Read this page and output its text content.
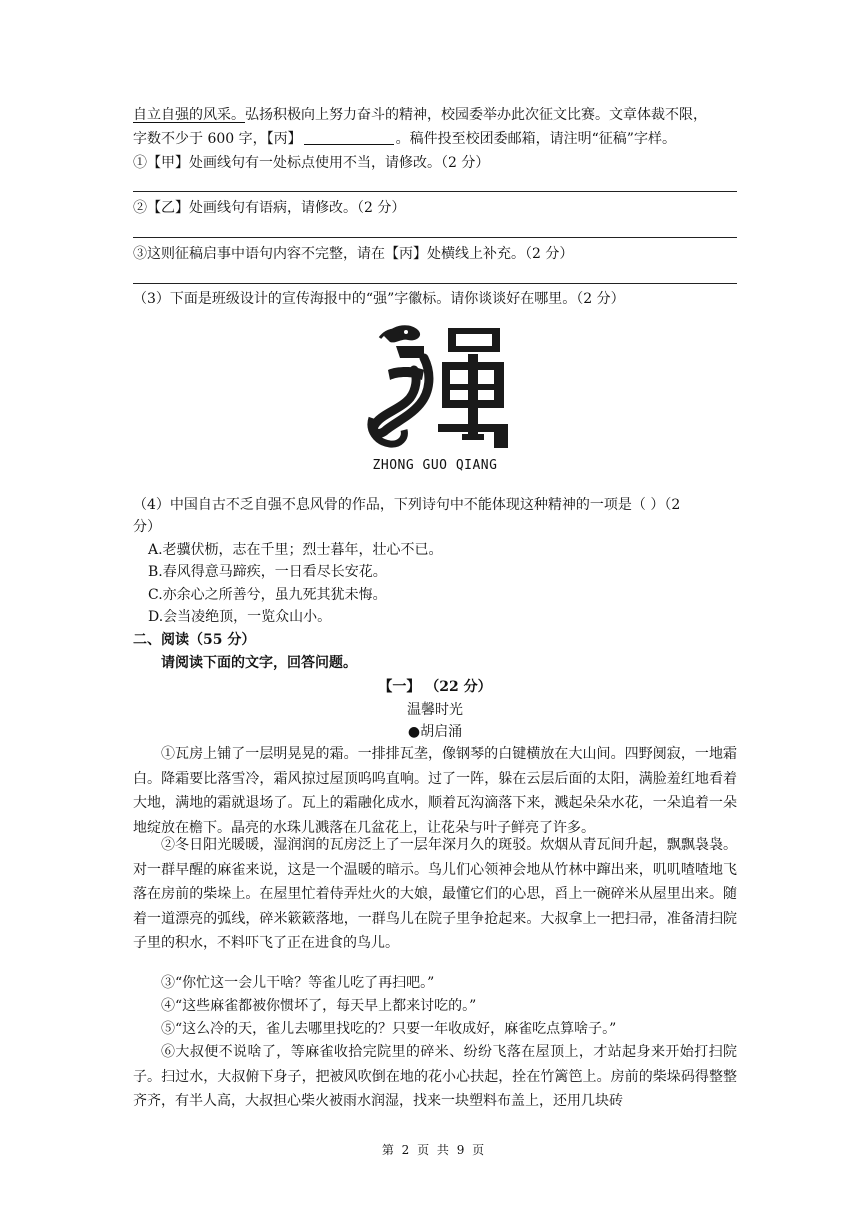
自立自强的风采。弘扬积极向上努力奋斗的精神，校园委举办此次征文比赛。文章体裁不限，
字数不少于 600 字，【丙】	。稿件投至校团委邮箱，请注明“征稿”字样。
①【甲】处画线句有一处标点使用不当，请修改。（2 分）
②【乙】处画线句有语病，请修改。（2 分）
③这则征稿启事中语句内容不完整，请在【丙】处横线上补充。（2 分）
（3）下面是班级设计的宣传海报中的“强”字徽标。请你谈谈好在哪里。（2 分）
ZHONG GUO QIANG
（4）中国自古不乏自强不息风骨的作品，下列诗句中不能体现这种精神的一项是（ ）（2
分）
A.老骥伏枥，志在千里；烈士暮年，壮心不已。
B.春风得意马蹄疾，一日看尽长安花。
C.亦余心之所善兮，虽九死其犹未悔。
D.会当凌绝顶，一览众山小。
二、阅读（55 分）
请阅读下面的文字，回答问题。
【一】 （22 分）
温馨时光
●胡启涌
①瓦房上铺了一层明晃晃的霜。一排排瓦垄，像钢琴的白键横放在大山间。四野阒寂，一地霜白。降霜要比落雪冷，霜风掠过屋顶呜呜直响。过了一阵，躲在云层后面的太阳，满脸羞红地看着大地，满地的霜就退场了。瓦上的霜融化成水，顺着瓦沟滴落下来，溅起朵朵水花，一朵追着一朵地绽放在檐下。晶亮的水珠儿溅落在几盆花上，让花朵与叶子鲜亮了许多。
②冬日阳光暖暖，湿润润的瓦房泛上了一层年深月久的斑驳。炊烟从青瓦间升起，飘飘袅袅。对一群早醒的麻雀来说，这是一个温暖的暗示。鸟儿们心领神会地从竹林中蹿出来，叽叽喳喳地飞落在房前的柴垛上。在屋里忙着侍弄灶火的大娘，最懂它们的心思，舀上一碗碎米从屋里出来。随着一道漂亮的弧线，碎米簌簌落地，一群鸟儿在院子里争抢起来。大叔拿上一把扫帚，准备清扫院子里的积水，不料吓飞了正在进食的鸟儿。
③“你忙这一会儿干啥？等雀儿吃了再扫吧。”
④“这些麻雀都被你惯坏了，每天早上都来讨吃的。”
⑤“这么冷的天，雀儿去哪里找吃的？只要一年收成好，麻雀吃点算啥子。”
⑥大叔便不说啥了，等麻雀收拾完院里的碎米、纷纷飞落在屋顶上，才站起身来开始打扫院子。扫过水，大叔俯下身子，把被风吹倒在地的花小心扶起，拴在竹篱笆上。房前的柴垛码得整整齐齐，有半人高，大叔担心柴火被雨水润湿，找来一块塑料布盖上，还用几块砖
第 2 页 共 9 页
